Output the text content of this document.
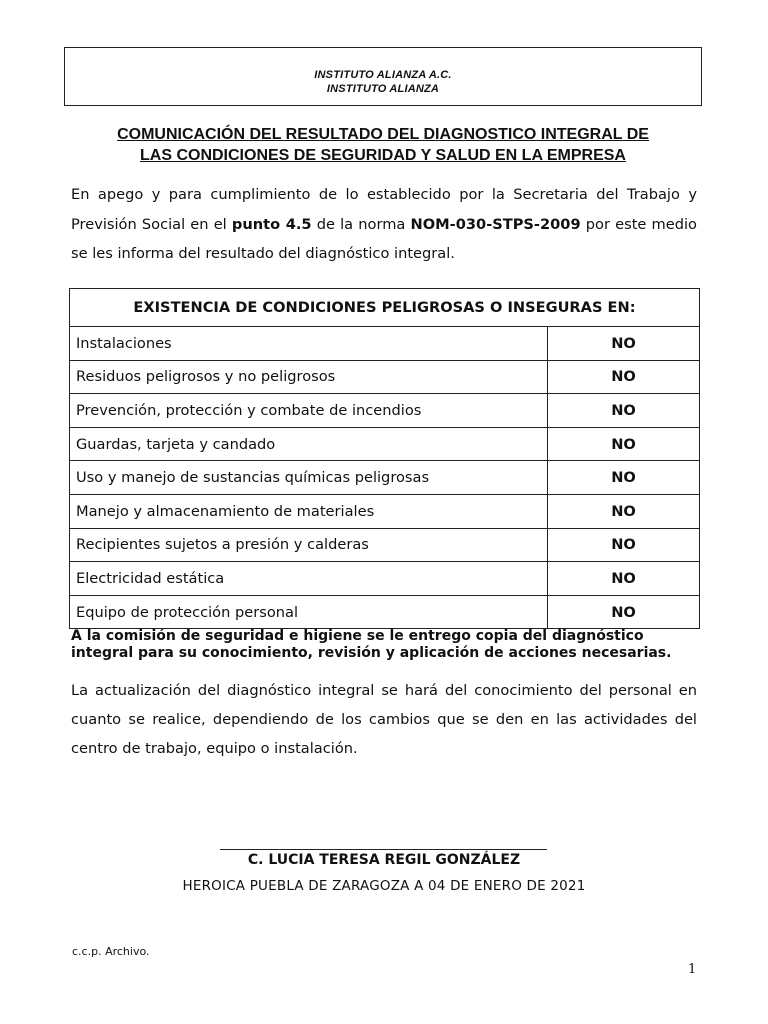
INSTITUTO ALIANZA A.C.
INSTITUTO ALIANZA
COMUNICACIÓN DEL RESULTADO DEL DIAGNOSTICO INTEGRAL DE
LAS CONDICIONES DE SEGURIDAD Y SALUD EN LA EMPRESA

En apego y para cumplimiento de lo establecido por la Secretaria del Trabajo y Previsión Social en el punto 4.5 de la norma NOM-030-STPS-2009 por este medio se les informa del resultado del diagnóstico integral.

EXISTENCIA DE CONDICIONES PELIGROSAS O INSEGURAS EN:	
Instalaciones	NO
Residuos peligrosos y no peligrosos	NO
Prevención, protección y combate de incendios	NO
Guardas, tarjeta y candado	NO
Uso y manejo de sustancias químicas peligrosas	NO
Manejo y almacenamiento de materiales	NO
Recipientes sujetos a presión y calderas	NO
Electricidad estática	NO
Equipo de protección personal	NO

A la comisión de seguridad e higiene se le entrego copia del diagnóstico integral para su conocimiento, revisión y aplicación de acciones necesarias.

La actualización del diagnóstico integral se hará del conocimiento del personal en cuanto se realice, dependiendo de los cambios que se den en las actividades del centro de trabajo, equipo o instalación.

C. LUCIA TERESA REGIL GONZÁLEZ
HEROICA PUEBLA DE ZARAGOZA A 04 DE ENERO DE 2021
c.c.p. Archivo.
1
